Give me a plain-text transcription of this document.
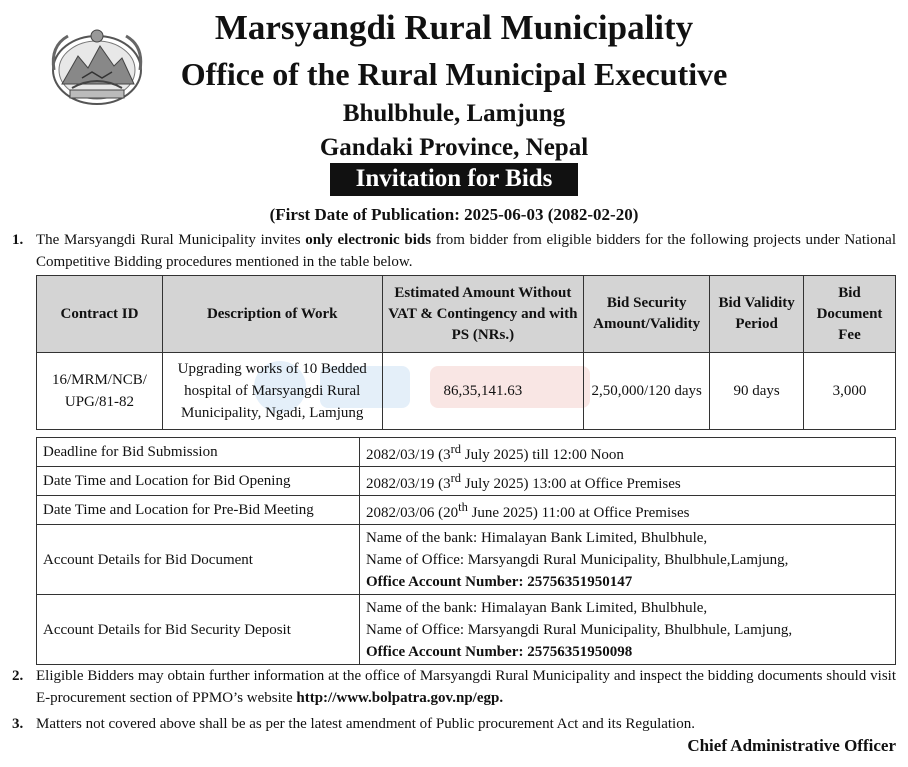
Marsyangdi Rural Municipality
Office of the Rural Municipal Executive
Bhulbhule, Lamjung
Gandaki Province, Nepal
Invitation for Bids
(First Date of Publication: 2025-06-03 (2082-02-20)
1. The Marsyangdi Rural Municipality invites only electronic bids from bidder from eligible bidders for the following projects under National Competitive Bidding procedures mentioned in the table below.
Contract ID	Description of Work	Estimated Amount Without VAT & Contingency and with PS (NRs.)	Bid Security Amount/Validity	Bid Validity Period	Bid Document Fee
16/MRM/NCB/ UPG/81-82	Upgrading works of 10 Bedded hospital of Marsyangdi Rural Municipality, Ngadi, Lamjung	86,35,141.63	2,50,000/120 days	90 days	3,000
Deadline for Bid Submission	2082/03/19 (3rd July 2025) till 12:00 Noon
Date Time and Location for Bid Opening	2082/03/19 (3rd July 2025) 13:00 at Office Premises
Date Time and Location for Pre-Bid Meeting	2082/03/06 (20th June 2025) 11:00 at Office Premises
Account Details for Bid Document	Name of the bank: Himalayan Bank Limited, Bhulbhule,
Name of Office: Marsyangdi Rural Municipality, Bhulbhule,Lamjung,
Office Account Number: 25756351950147

Account Details for Bid Security Deposit	Name of the bank: Himalayan Bank Limited, Bhulbhule,
Name of Office: Marsyangdi Rural Municipality, Bhulbhule, Lamjung,
Office Account Number: 25756351950098
2. Eligible Bidders may obtain further information at the office of Marsyangdi Rural Municipality and inspect the bidding documents should visit E-procurement section of PPMO’s website http://www.bolpatra.gov.np/egp.
3. Matters not covered above shall be as per the latest amendment of Public procurement Act and its Regulation.
Chief Administrative Officer
